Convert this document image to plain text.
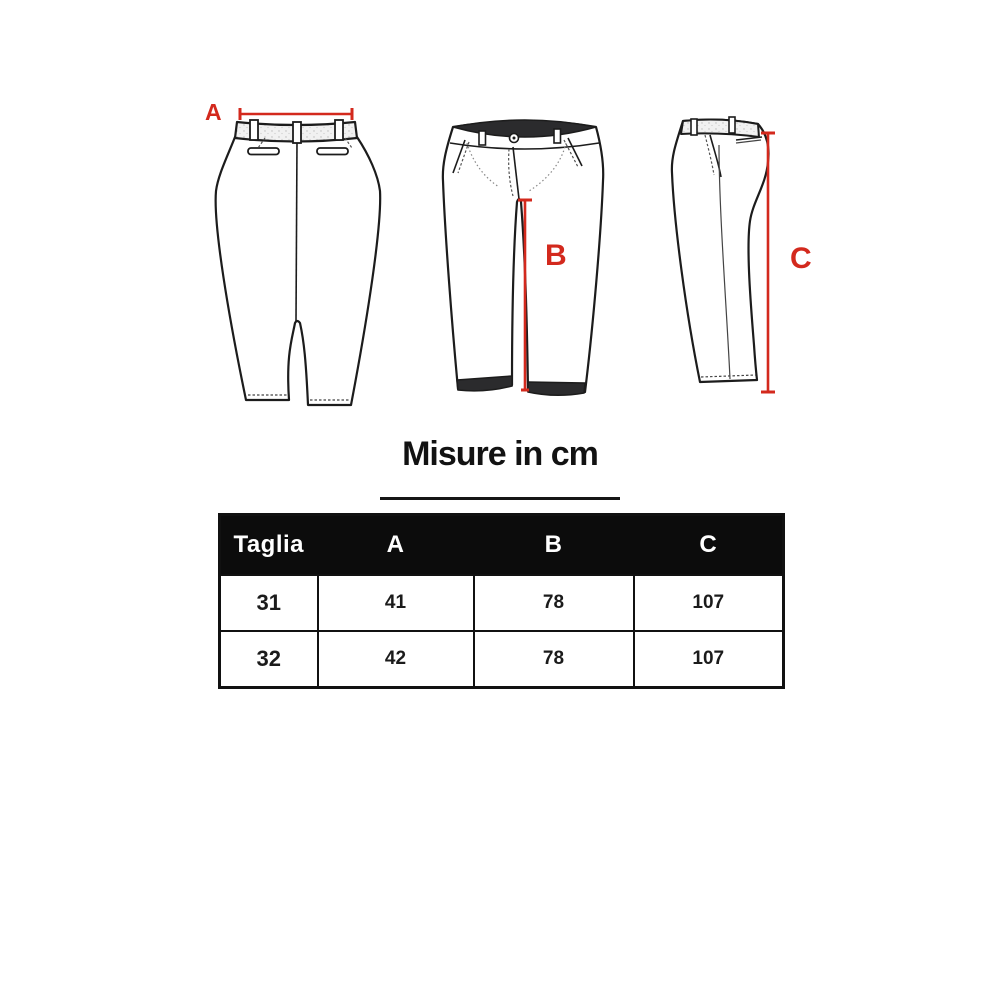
A
B	C
Misure in cm
Taglia	A	B	C
31	41	78	107
32	42	78	107
